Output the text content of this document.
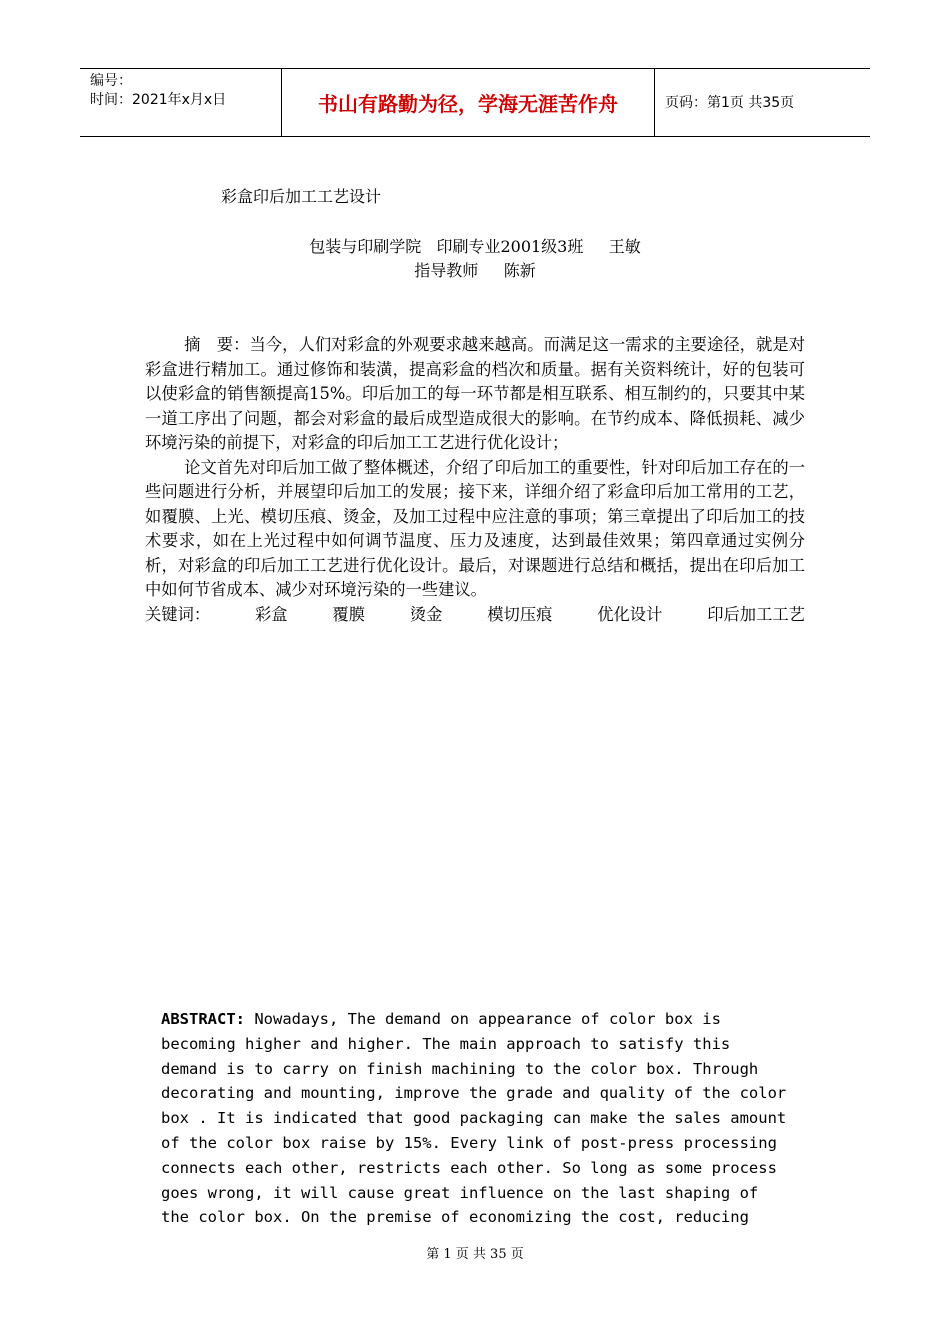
编号：
时间：2021年x月x日	书山有路勤为径，学海无涯苦作舟	页码：第1页 共35页
彩盒印后加工工艺设计
包装与印刷学院   印刷专业2001级3班     王敏
指导教师     陈新

摘　要：当今，人们对彩盒的外观要求越来越高。而满足这一需求的主要途径，就是对彩盒进行精加工。通过修饰和装潢，提高彩盒的档次和质量。据有关资料统计，好的包装可以使彩盒的销售额提高15%。印后加工的每一环节都是相互联系、相互制约的，只要其中某一道工序出了问题，都会对彩盒的最后成型造成很大的影响。在节约成本、降低损耗、减少环境污染的前提下，对彩盒的印后加工工艺进行优化设计；

论文首先对印后加工做了整体概述，介绍了印后加工的重要性，针对印后加工存在的一些问题进行分析，并展望印后加工的发展；接下来，详细介绍了彩盒印后加工常用的工艺，如覆膜、上光、模切压痕、烫金，及加工过程中应注意的事项；第三章提出了印后加工的技术要求，如在上光过程中如何调节温度、压力及速度，达到最佳效果；第四章通过实例分析，对彩盒的印后加工工艺进行优化设计。最后，对课题进行总结和概括，提出在印后加工中如何节省成本、减少对环境污染的一些建议。

关键词：	彩盒	覆膜	烫金	模切压痕	优化设计	印后加工工艺
ABSTRACT: Nowadays, The demand on appearance of color box is
becoming higher and higher. The main approach to satisfy this
demand is to carry on finish machining to the color box. Through
decorating and mounting, improve the grade and quality of the color
box . It is indicated that good packaging can make the sales amount
of the color box raise by 15%. Every link of post-press processing
connects each other, restricts each other. So long as some process
goes wrong, it will cause great influence on the last shaping of
the color box. On the premise of economizing the cost, reducing
第 1 页 共 35 页
